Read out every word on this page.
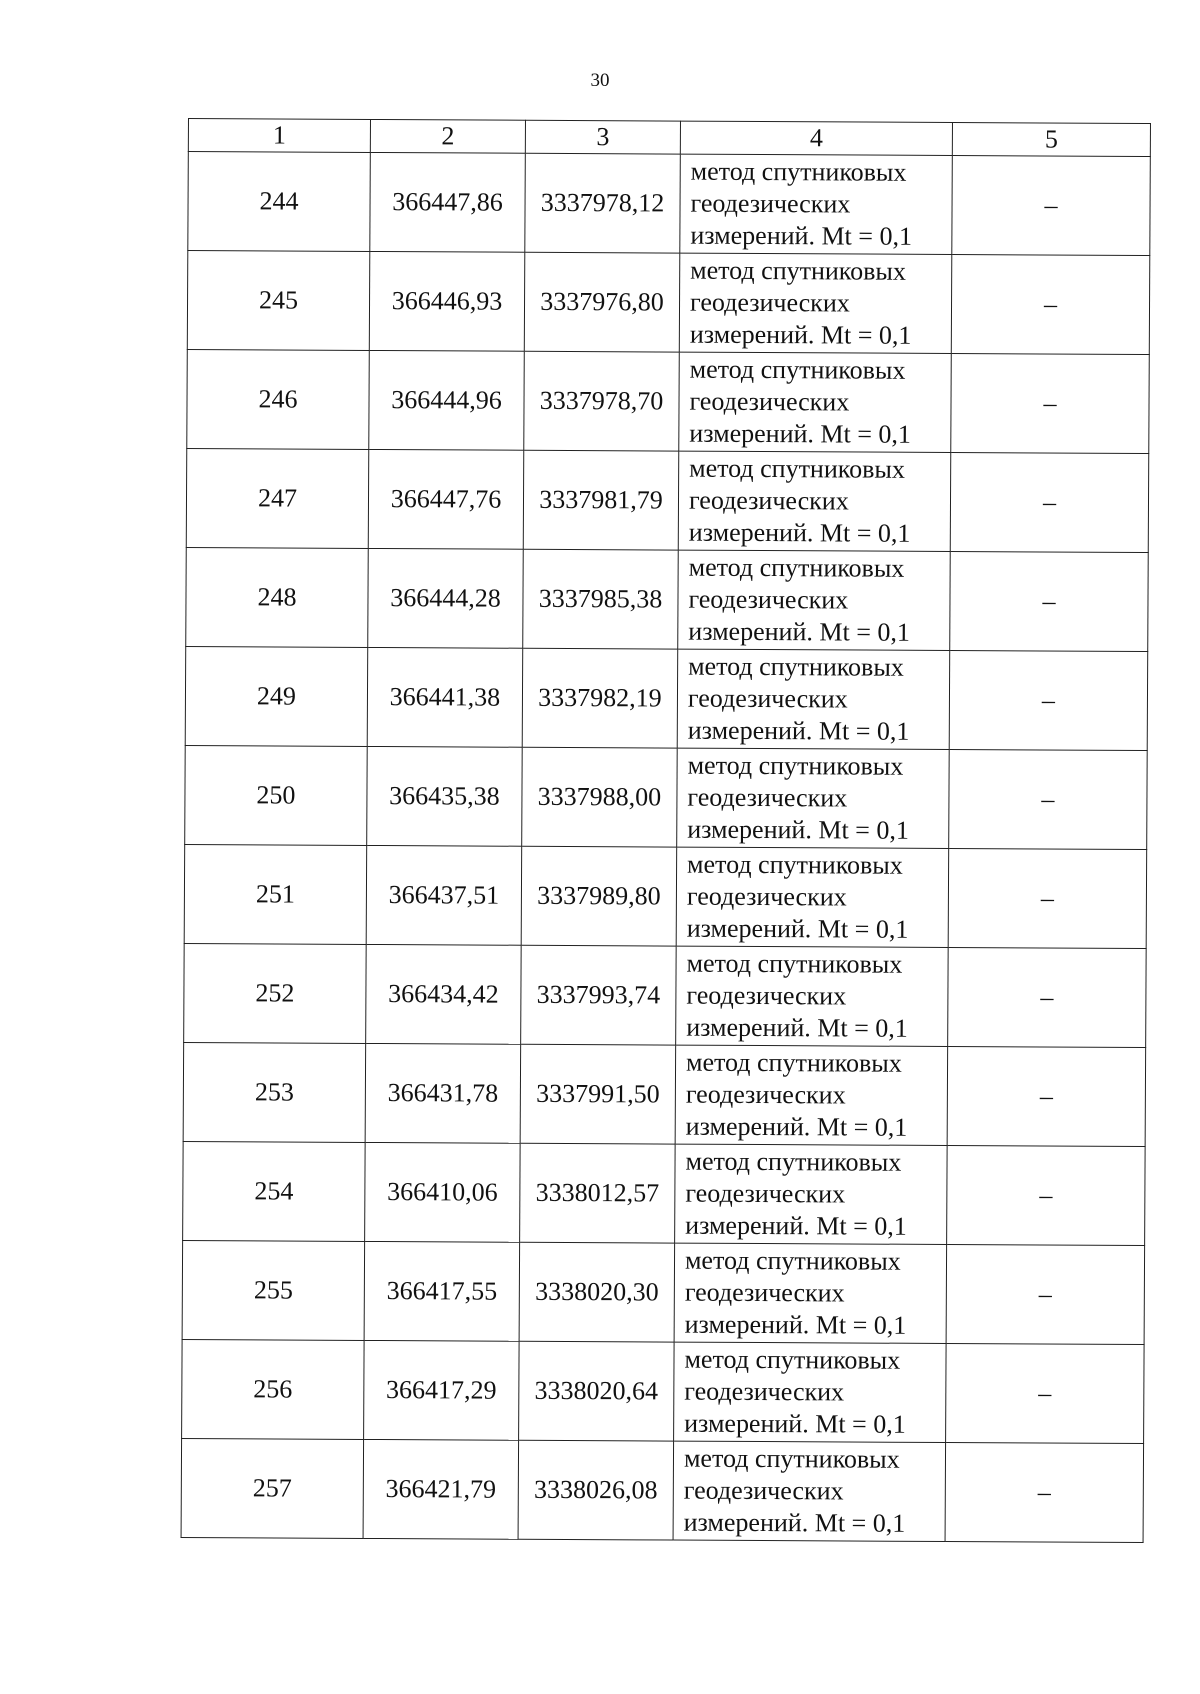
30
1	2	3	4	5
244	366447,86	3337978,12	метод спутниковых
геодезических
измерений. Mt = 0,1	–
245	366446,93	3337976,80	метод спутниковых
геодезических
измерений. Mt = 0,1	–
246	366444,96	3337978,70	метод спутниковых
геодезических
измерений. Mt = 0,1	–
247	366447,76	3337981,79	метод спутниковых
геодезических
измерений. Mt = 0,1	–
248	366444,28	3337985,38	метод спутниковых
геодезических
измерений. Mt = 0,1	–
249	366441,38	3337982,19	метод спутниковых
геодезических
измерений. Mt = 0,1	–
250	366435,38	3337988,00	метод спутниковых
геодезических
измерений. Mt = 0,1	–
251	366437,51	3337989,80	метод спутниковых
геодезических
измерений. Mt = 0,1	–
252	366434,42	3337993,74	метод спутниковых
геодезических
измерений. Mt = 0,1	–
253	366431,78	3337991,50	метод спутниковых
геодезических
измерений. Mt = 0,1	–
254	366410,06	3338012,57	метод спутниковых
геодезических
измерений. Mt = 0,1	–
255	366417,55	3338020,30	метод спутниковых
геодезических
измерений. Mt = 0,1	–
256	366417,29	3338020,64	метод спутниковых
геодезических
измерений. Mt = 0,1	–
257	366421,79	3338026,08	метод спутниковых
геодезических
измерений. Mt = 0,1	–
